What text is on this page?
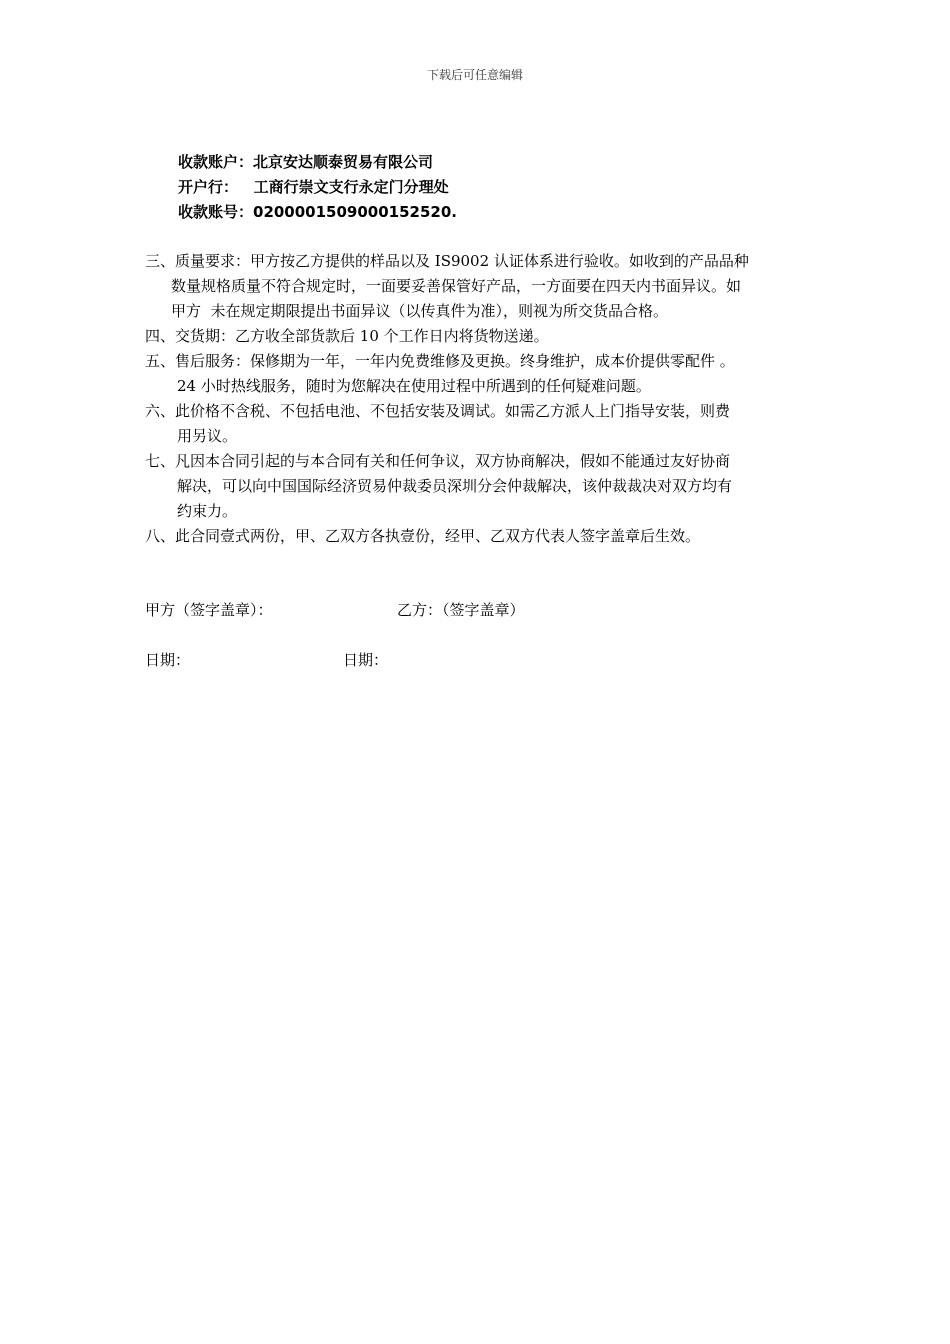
下载后可任意编辑
收款账户：北京安达顺泰贸易有限公司
开户行：   工商行崇文支行永定门分理处
收款账号：0200001509000152520.
三、质量要求：甲方按乙方提供的样品以及 IS9002 认证体系进行验收。如收到的产品品种
数量规格质量不符合规定时，一面要妥善保管好产品，一方面要在四天内书面异议。如
甲方  未在规定期限提出书面异议（以传真件为准），则视为所交货品合格。
四、交货期：乙方收全部货款后 10 个工作日内将货物送递。
五、售后服务：保修期为一年，一年内免费维修及更换。终身维护，成本价提供零配件 。
24 小时热线服务，随时为您解决在使用过程中所遇到的任何疑难问题。
六、此价格不含税、不包括电池、不包括安装及调试。如需乙方派人上门指导安装，则费
用另议。
七、凡因本合同引起的与本合同有关和任何争议，双方协商解决，假如不能通过友好协商
解决，可以向中国国际经济贸易仲裁委员深圳分会仲裁解决，该仲裁裁决对双方均有
约束力。
八、此合同壹式两份，甲、乙双方各执壹份，经甲、乙双方代表人签字盖章后生效。

甲方（签字盖章）：

	乙方：（签字盖章）

日期：

	日期：
